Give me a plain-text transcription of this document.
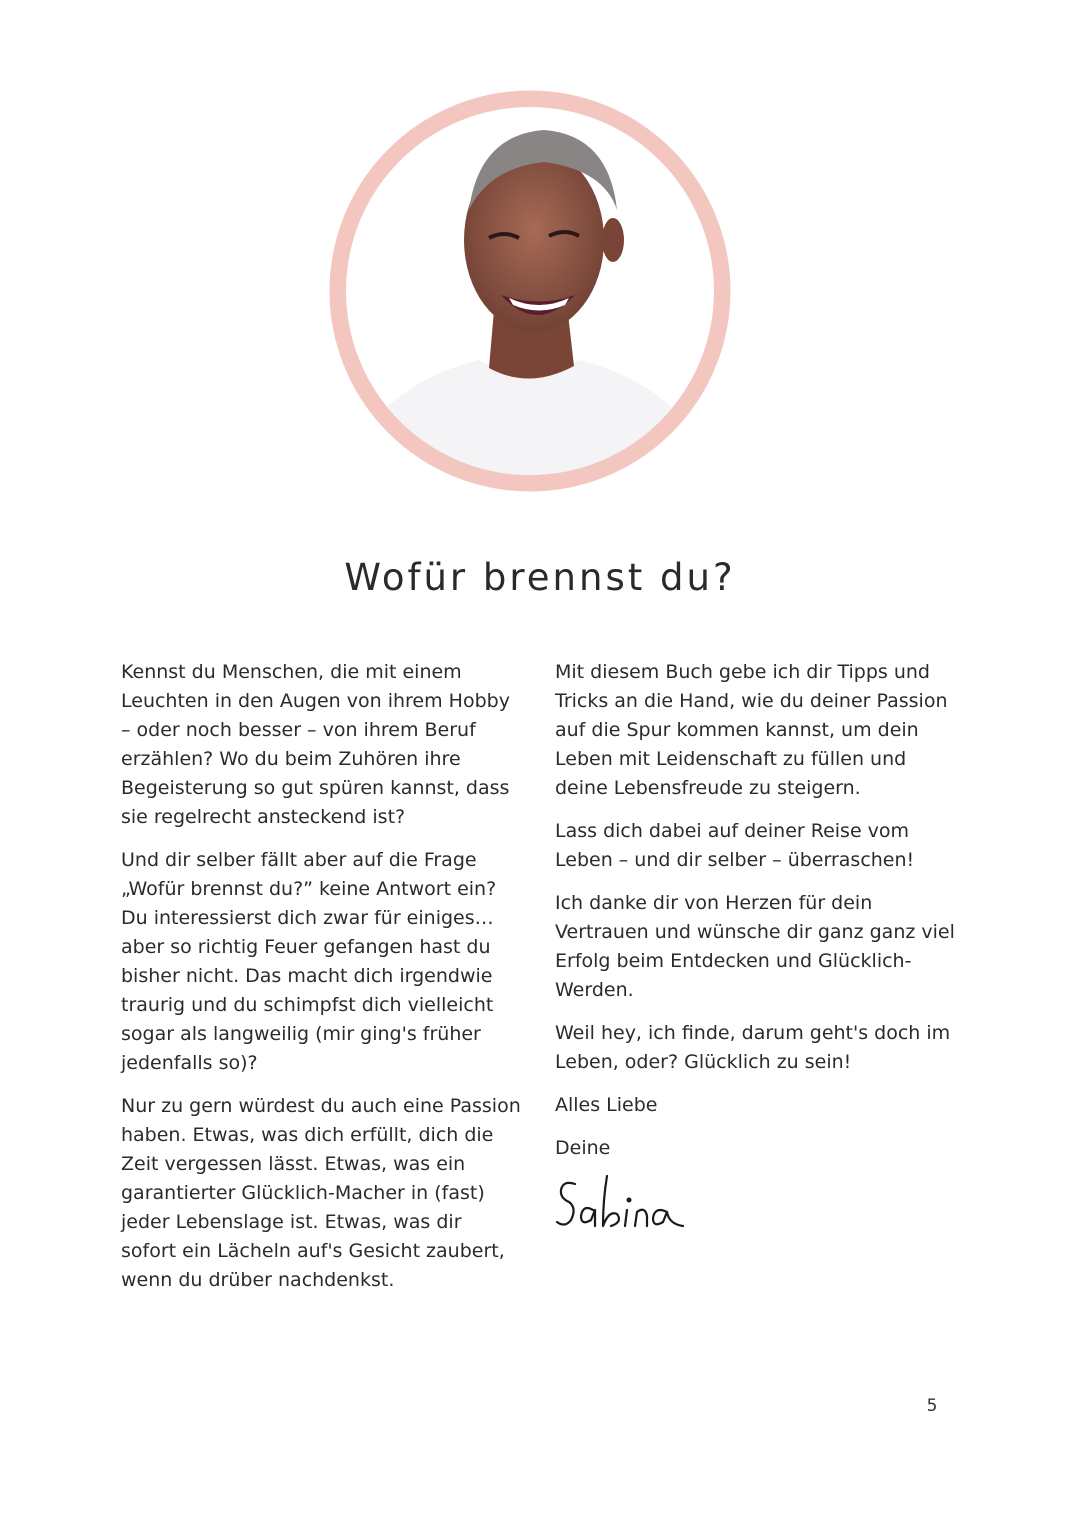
Wofür brennst du?

Kennst du Menschen, die mit einem Leuchten in den Augen von ihrem Hobby – oder noch besser – von ihrem Beruf erzählen? Wo du beim Zuhören ihre Begeisterung so gut spüren kannst, dass sie regelrecht ansteckend ist?

Und dir selber fällt aber auf die Frage „Wofür brennst du?” keine Antwort ein? Du interessierst dich zwar für einiges… aber so richtig Feuer gefangen hast du bisher nicht. Das macht dich irgendwie traurig und du schimpfst dich vielleicht sogar als langweilig (mir ging's früher jedenfalls so)?

Nur zu gern würdest du auch eine Passion haben. Etwas, was dich erfüllt, dich die Zeit vergessen lässt. Etwas, was ein garantierter Glücklich-Macher in (fast) jeder Lebenslage ist. Etwas, was dir sofort ein Lächeln auf's Gesicht zaubert, wenn du drüber nachdenkst.

Mit diesem Buch gebe ich dir Tipps und Tricks an die Hand, wie du deiner Passion auf die Spur kommen kannst, um dein Leben mit Leidenschaft zu füllen und deine Lebensfreude zu steigern.

Lass dich dabei auf deiner Reise vom Leben – und dir selber – überraschen!

Ich danke dir von Herzen für dein Vertrauen und wünsche dir ganz ganz viel Erfolg beim Entdecken und Glücklich-Werden.

Weil hey, ich finde, darum geht's doch im Leben, oder? Glücklich zu sein!

Alles Liebe

Deine

5
